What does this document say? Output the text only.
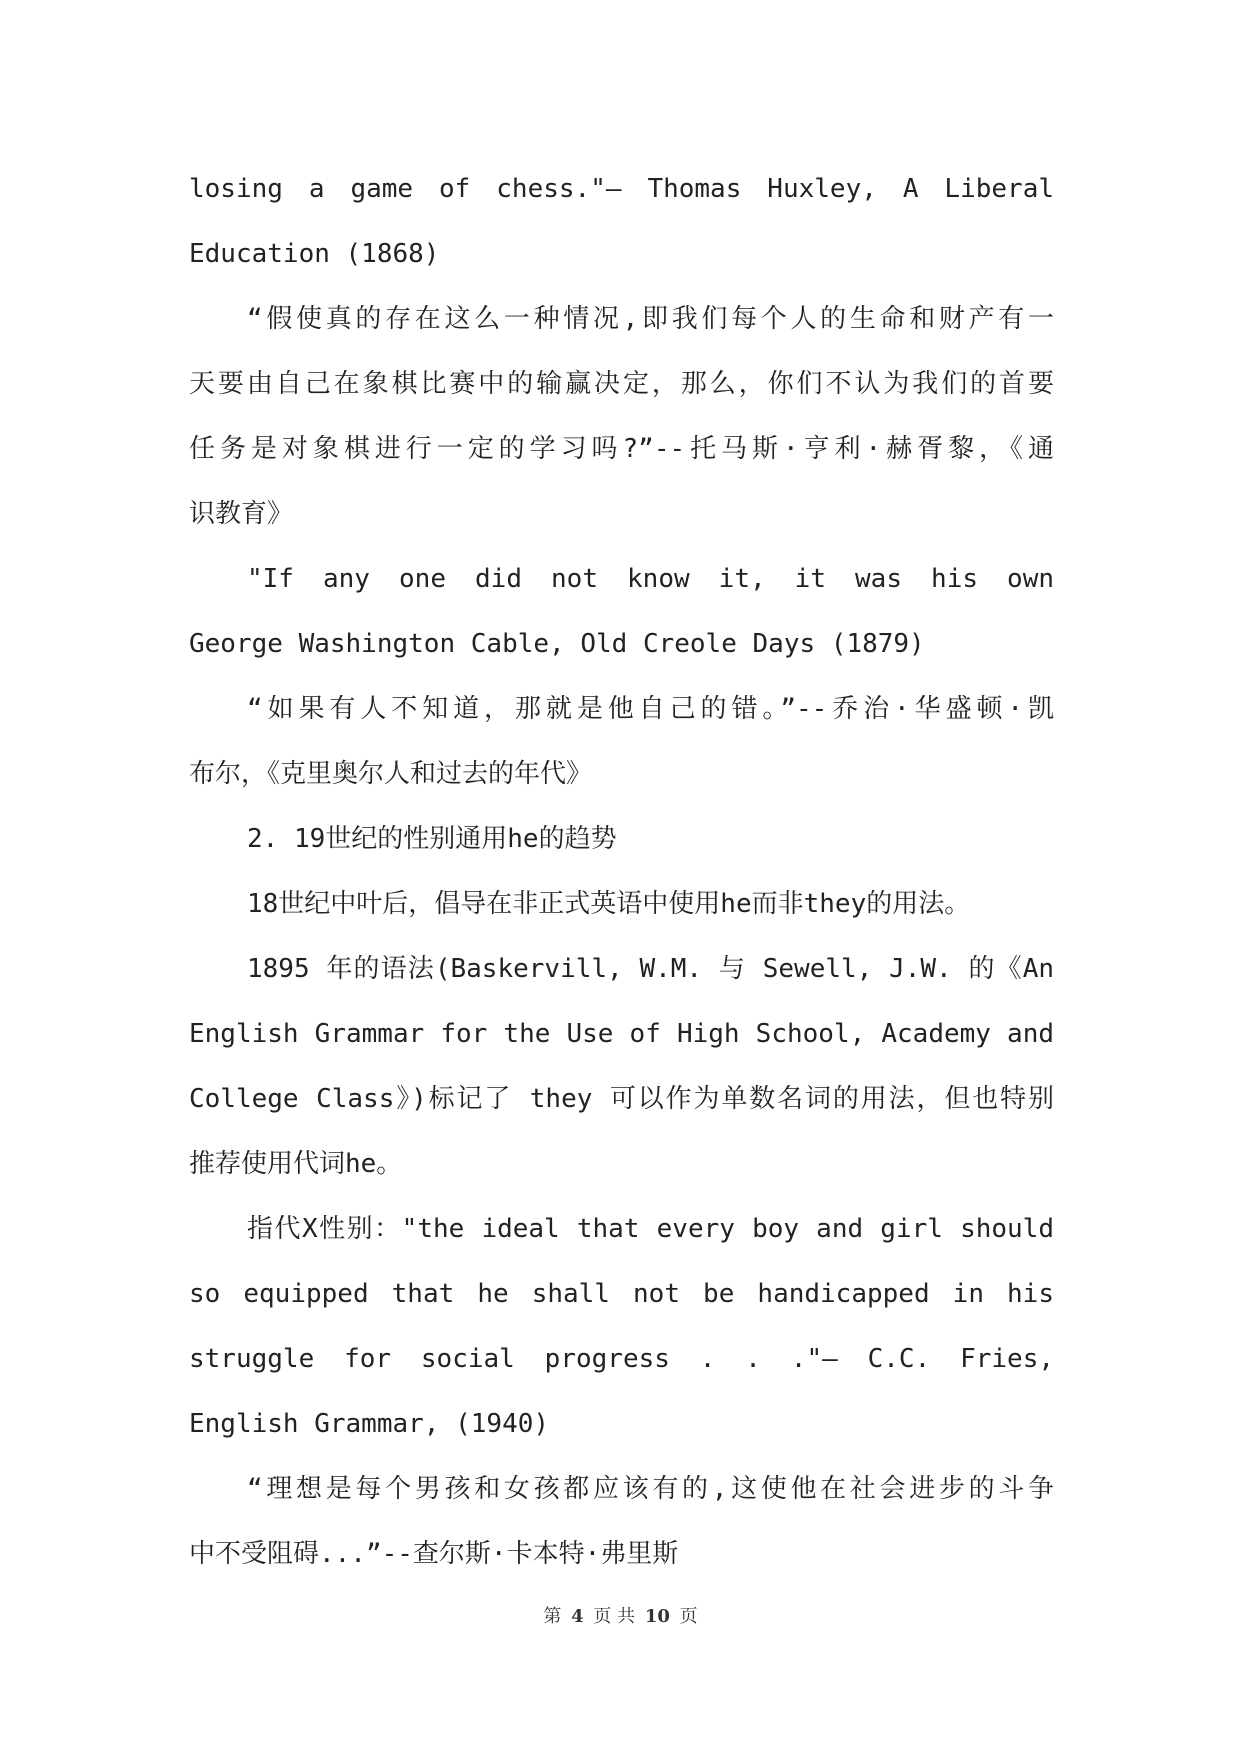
losing a game of chess."— Thomas Huxley, A Liberal
Education (1868)
“假使真的存在这么一种情况,即我们每个人的生命和财产有一
天要由自己在象棋比赛中的输赢决定，那么，你们不认为我们的首要
任务是对象棋进行一定的学习吗?”--托马斯·亨利·赫胥黎，《通
识教育》
"If any one did not know it, it was his own
George Washington Cable, Old Creole Days (1879)
“如果有人不知道，那就是他自己的错。”--乔治·华盛顿·凯
布尔，《克里奥尔人和过去的年代》
2. 19世纪的性别通用he的趋势
18世纪中叶后，倡导在非正式英语中使用he而非they的用法。
1895 年的语法(Baskervill, W.M. 与 Sewell, J.W. 的《An
English Grammar for the Use of High School, Academy and
College Class》)标记了 they 可以作为单数名词的用法，但也特别
推荐使用代词he。
指代X性别："the ideal that every boy and girl should
so equipped that he shall not be handicapped in his
struggle for social progress . . ."— C.C. Fries,
English Grammar, (1940)
“理想是每个男孩和女孩都应该有的,这使他在社会进步的斗争
中不受阻碍...”--查尔斯·卡本特·弗里斯
第 4 页 共 10 页
